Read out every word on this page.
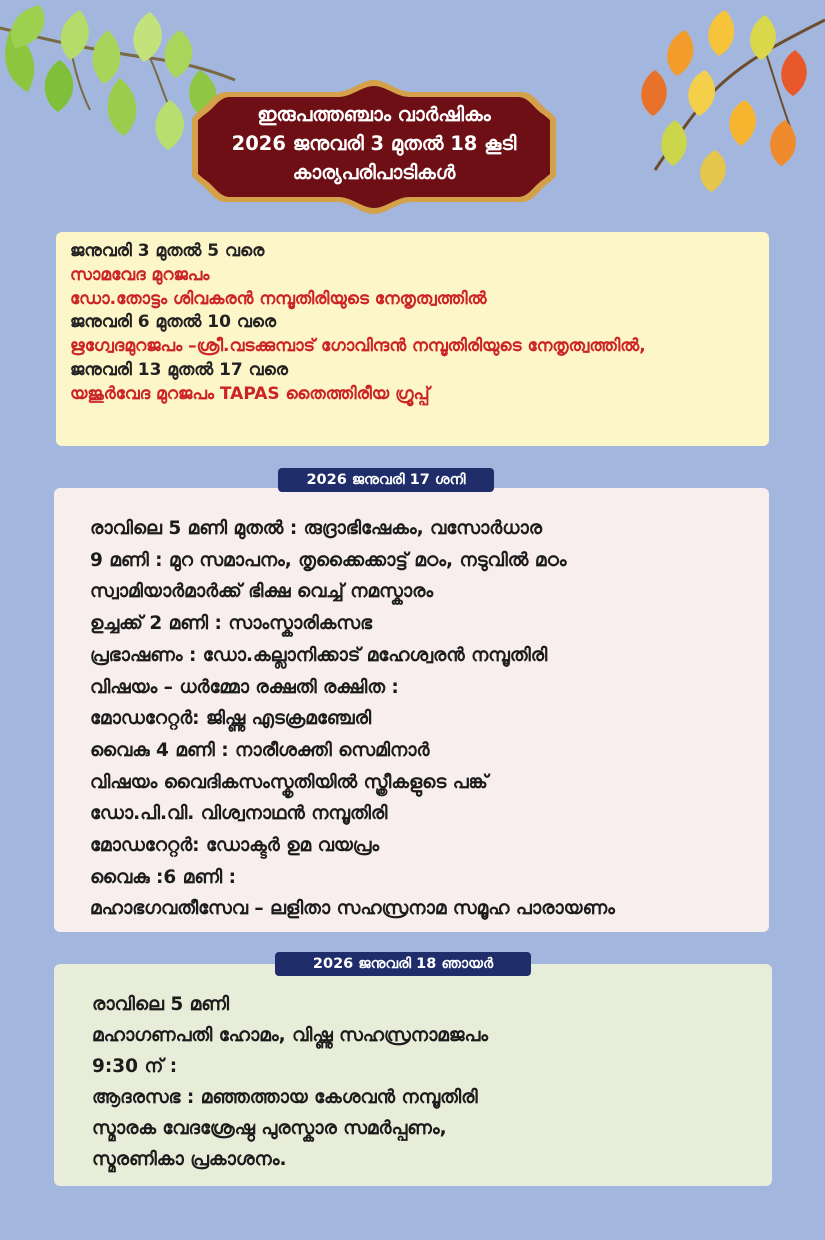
ഇരുപത്തഞ്ചാം വാർഷികം
2026 ജനുവരി 3 മുതൽ 18 കൂടി
കാര്യപരിപാടികൾ
ജനുവരി 3 മുതൽ 5 വരെ
സാമവേദ മുറജപം
ഡോ.തോട്ടം ശിവകരൻ നമ്പൂതിരിയുടെ നേതൃത്വത്തിൽ
ജനുവരി 6 മുതൽ 10 വരെ
ഋഗ്വേദമുറജപം –ശ്രീ.വടക്കുമ്പാട് ഗോവിന്ദൻ നമ്പൂതിരിയുടെ നേതൃത്വത്തിൽ,
ജനുവരി 13 മുതൽ 17 വരെ
യജുർവേദ മുറജപം TAPAS തൈത്തിരീയ ഗ്രൂപ്പ്
രാവിലെ 5 മണി മുതൽ : രുദ്രാഭിഷേകം, വസോർധാര
9 മണി : മുറ സമാപനം, തൃക്കൈക്കാട്ട് മഠം, നടുവിൽ മഠം
സ്വാമിയാർമാർക്ക് ഭിക്ഷ വെച്ച് നമസ്കാരം
ഉച്ചക്ക് 2 മണി : സാംസ്കാരികസഭ
പ്രഭാഷണം : ഡോ.കല്ലാനിക്കാട് മഹേശ്വരൻ നമ്പൂതിരി
വിഷയം – ധർമ്മോ രക്ഷതി രക്ഷിത :
മോഡറേറ്റർ: ജിഷ്ണു എടക്രമഞ്ചേരി
വൈകു 4 മണി : നാരീശക്തി സെമിനാർ
വിഷയം വൈദികസംസ്കൃതിയിൽ സ്ത്രീകളുടെ പങ്ക്
ഡോ.പി.വി. വിശ്വനാഥൻ നമ്പൂതിരി
മോഡറേറ്റർ: ഡോക്ടർ ഉമ വയപ്രം
വൈകു :6 മണി :
മഹാഭഗവതീസേവ – ലളിതാ സഹസ്രനാമ സമൂഹ പാരായണം
2026 ജനുവരി 17 ശനി
രാവിലെ 5 മണി
മഹാഗണപതി ഹോമം, വിഷ്ണു സഹസ്രനാമജപം
9:30 ന് :
ആദരസഭ : മഞ്ഞത്തായ കേശവൻ നമ്പൂതിരി
സ്മാരക വേദശ്രേഷ്ഠ പുരസ്കാര സമർപ്പണം,
സ്മരണികാ പ്രകാശനം.
2026 ജനുവരി 18 ഞായർ
